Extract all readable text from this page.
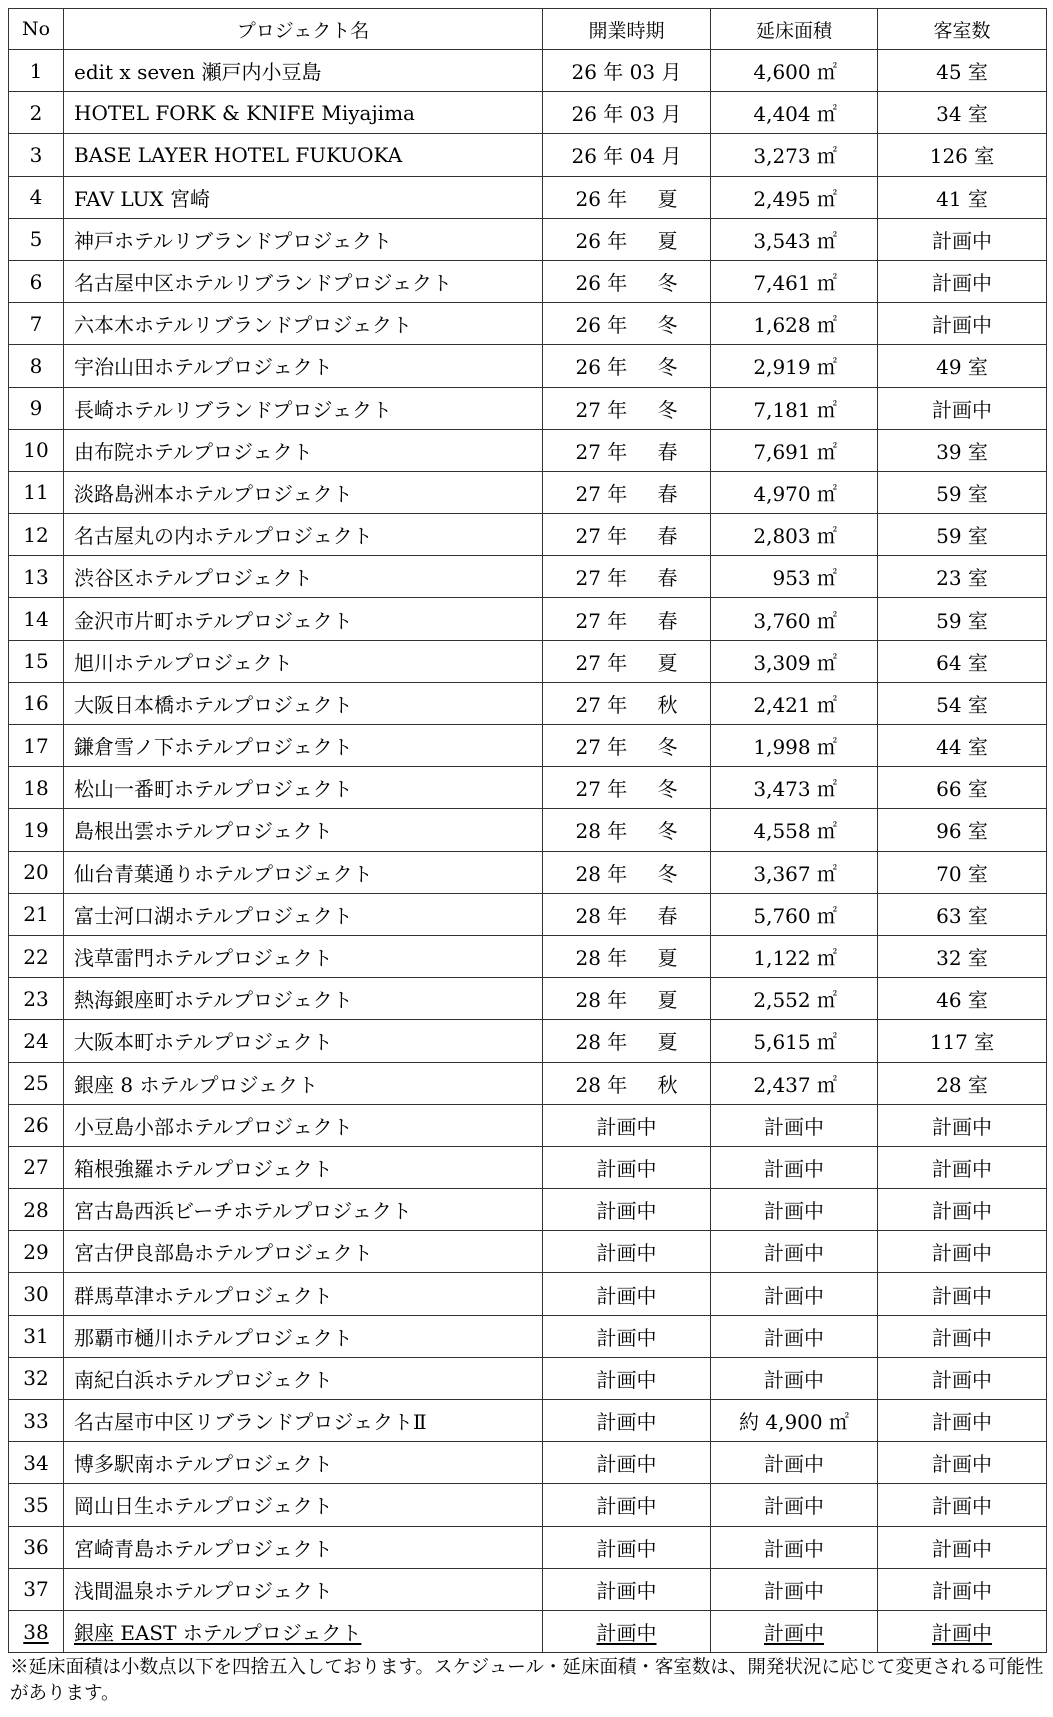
No	プロジェクト名	開業時期	延床面積	客室数
1	edit x seven 瀬戸内小豆島	26 年 03 月	4,600 ㎡	45 室
2	HOTEL FORK & KNIFE Miyajima	26 年 03 月	4,404 ㎡	34 室
3	BASE LAYER HOTEL FUKUOKA	26 年 04 月	3,273 ㎡	126 室
4	FAV LUX 宮崎	26 年 夏	2,495 ㎡	41 室
5	神戸ホテルリブランドプロジェクト	26 年 夏	3,543 ㎡	計画中
6	名古屋中区ホテルリブランドプロジェクト	26 年 冬	7,461 ㎡	計画中
7	六本木ホテルリブランドプロジェクト	26 年 冬	1,628 ㎡	計画中
8	宇治山田ホテルプロジェクト	26 年 冬	2,919 ㎡	49 室
9	長崎ホテルリブランドプロジェクト	27 年 冬	7,181 ㎡	計画中
10	由布院ホテルプロジェクト	27 年 春	7,691 ㎡	39 室
11	淡路島洲本ホテルプロジェクト	27 年 春	4,970 ㎡	59 室
12	名古屋丸の内ホテルプロジェクト	27 年 春	2,803 ㎡	59 室
13	渋谷区ホテルプロジェクト	27 年 春	953 ㎡	23 室
14	金沢市片町ホテルプロジェクト	27 年 春	3,760 ㎡	59 室
15	旭川ホテルプロジェクト	27 年 夏	3,309 ㎡	64 室
16	大阪日本橋ホテルプロジェクト	27 年 秋	2,421 ㎡	54 室
17	鎌倉雪ノ下ホテルプロジェクト	27 年 冬	1,998 ㎡	44 室
18	松山一番町ホテルプロジェクト	27 年 冬	3,473 ㎡	66 室
19	島根出雲ホテルプロジェクト	28 年 冬	4,558 ㎡	96 室
20	仙台青葉通りホテルプロジェクト	28 年 冬	3,367 ㎡	70 室
21	富士河口湖ホテルプロジェクト	28 年 春	5,760 ㎡	63 室
22	浅草雷門ホテルプロジェクト	28 年 夏	1,122 ㎡	32 室
23	熱海銀座町ホテルプロジェクト	28 年 夏	2,552 ㎡	46 室
24	大阪本町ホテルプロジェクト	28 年 夏	5,615 ㎡	117 室
25	銀座 8 ホテルプロジェクト	28 年 秋	2,437 ㎡	28 室
26	小豆島小部ホテルプロジェクト	計画中	計画中	計画中
27	箱根強羅ホテルプロジェクト	計画中	計画中	計画中
28	宮古島西浜ビーチホテルプロジェクト	計画中	計画中	計画中
29	宮古伊良部島ホテルプロジェクト	計画中	計画中	計画中
30	群馬草津ホテルプロジェクト	計画中	計画中	計画中
31	那覇市樋川ホテルプロジェクト	計画中	計画中	計画中
32	南紀白浜ホテルプロジェクト	計画中	計画中	計画中
33	名古屋市中区リブランドプロジェクトⅡ	計画中	約 4,900 ㎡	計画中
34	博多駅南ホテルプロジェクト	計画中	計画中	計画中
35	岡山日生ホテルプロジェクト	計画中	計画中	計画中
36	宮崎青島ホテルプロジェクト	計画中	計画中	計画中
37	浅間温泉ホテルプロジェクト	計画中	計画中	計画中
38	銀座 EAST ホテルプロジェクト	計画中	計画中	計画中
※延床面積は小数点以下を四捨五入しております。スケジュール・延床面積・客室数は、開発状況に応じて変更される可能性があります。
